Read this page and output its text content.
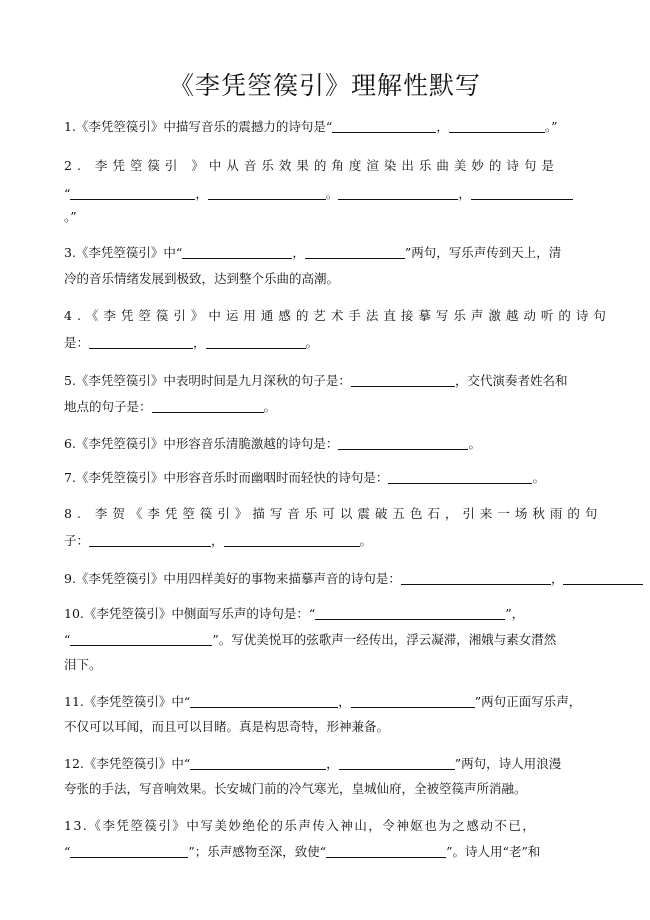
《李凭箜篌引》理解性默写
1.《李凭箜篌引》中描写音乐的震撼力的诗句是“	，	。”
2. 李凭箜篌引 》中从音乐效果的角度渲染出乐曲美妙的诗句是
“	，	。	，
。”
3.《李凭箜篌引》中“	，	”两句，写乐声传到天上，清
冷的音乐情绪发展到极致，达到整个乐曲的高潮。
4.《李凭箜篌引》中运用通感的艺术手法直接摹写乐声激越动听的诗句
是：	，	。
5.《李凭箜篌引》中表明时间是九月深秋的句子是：	，交代演奏者姓名和
地点的句子是：	。
6.《李凭箜篌引》中形容音乐清脆激越的诗句是：	。
7.《李凭箜篌引》中形容音乐时而幽咽时而轻快的诗句是：	。
8. 李贺《李凭箜篌引》描写音乐可以震破五色石，引来一场秋雨的句
子：	，	。
9.《李凭箜篌引》中用四样美好的事物来描摹声音的诗句是：	，
10.《李凭箜篌引》中侧面写乐声的诗句是：“	”，
“	”。写优美悦耳的弦歌声一经传出，浮云凝滞，湘娥与素女潸然
泪下。
11.《李凭箜篌引》中“	，	”两句正面写乐声，
不仅可以耳闻，而且可以目睹。真是构思奇特，形神兼备。
12.《李凭箜篌引》中“	，	”两句，诗人用浪漫
夸张的手法，写音响效果。长安城门前的冷气寒光，皇城仙府，全被箜篌声所消融。
13.《李凭箜篌引》中写美妙绝伦的乐声传入神山，令神妪也为之感动不已，
“	”；乐声感物至深，致使“	”。诗人用“老”和
